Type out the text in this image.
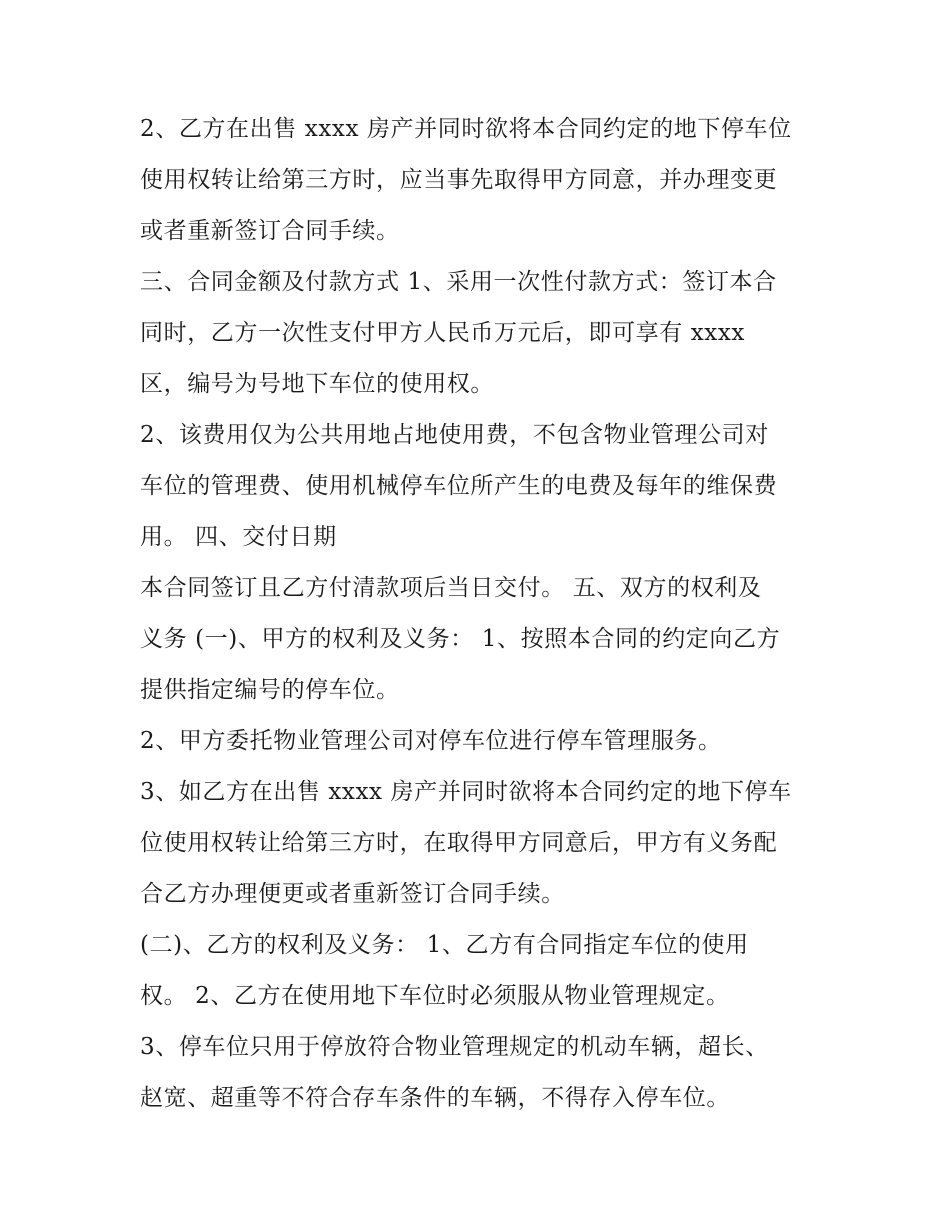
2、乙方在出售 xxxx 房产并同时欲将本合同约定的地下停车位
使用权转让给第三方时，应当事先取得甲方同意，并办理变更
或者重新签订合同手续。
三、合同金额及付款方式 1、采用一次性付款方式：签订本合
同时，乙方一次性支付甲方人民币万元后，即可享有 xxxx
区，编号为号地下车位的使用权。
2、该费用仅为公共用地占地使用费，不包含物业管理公司对
车位的管理费、使用机械停车位所产生的电费及每年的维保费
用。 四、交付日期
本合同签订且乙方付清款项后当日交付。 五、双方的权利及
义务 (一)、甲方的权利及义务： 1、按照本合同的约定向乙方
提供指定编号的停车位。
2、甲方委托物业管理公司对停车位进行停车管理服务。
3、如乙方在出售 xxxx 房产并同时欲将本合同约定的地下停车
位使用权转让给第三方时，在取得甲方同意后，甲方有义务配
合乙方办理便更或者重新签订合同手续。
(二)、乙方的权利及义务： 1、乙方有合同指定车位的使用
权。 2、乙方在使用地下车位时必须服从物业管理规定。
3、停车位只用于停放符合物业管理规定的机动车辆，超长、
赵宽、超重等不符合存车条件的车辆，不得存入停车位。
